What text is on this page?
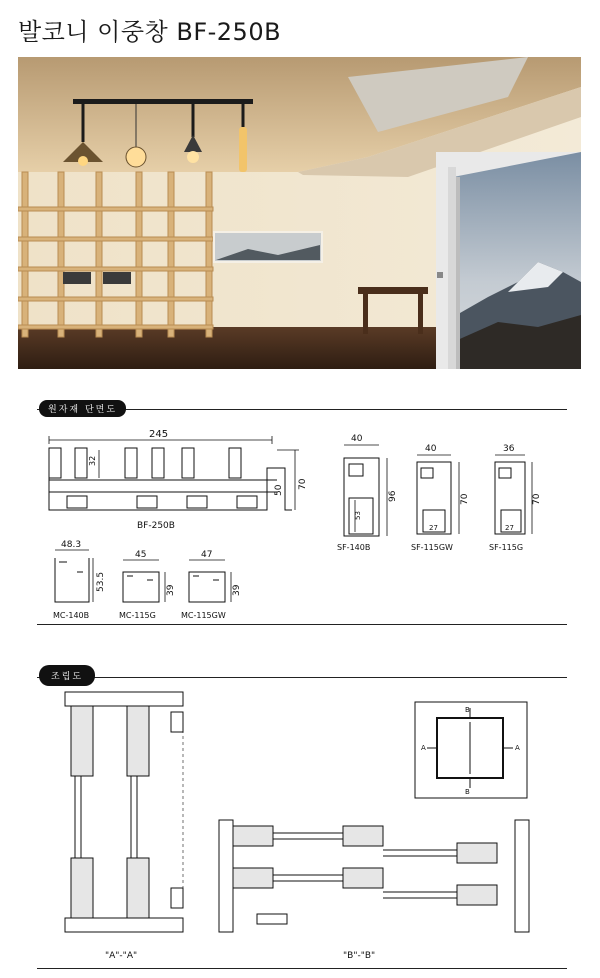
발코니 이중창 BF-250B
원자재 단면도
245
32
50
70
BF-250B
40
96
53
SF-140B
40
70
27
SF-115GW
36
70
27
SF-115G
48.3
53.5
MC-140B
45
39
MC-115G
47
39
MC-115GW
조립도
B
B
A	A
"A"-"A"	"B"-"B"
